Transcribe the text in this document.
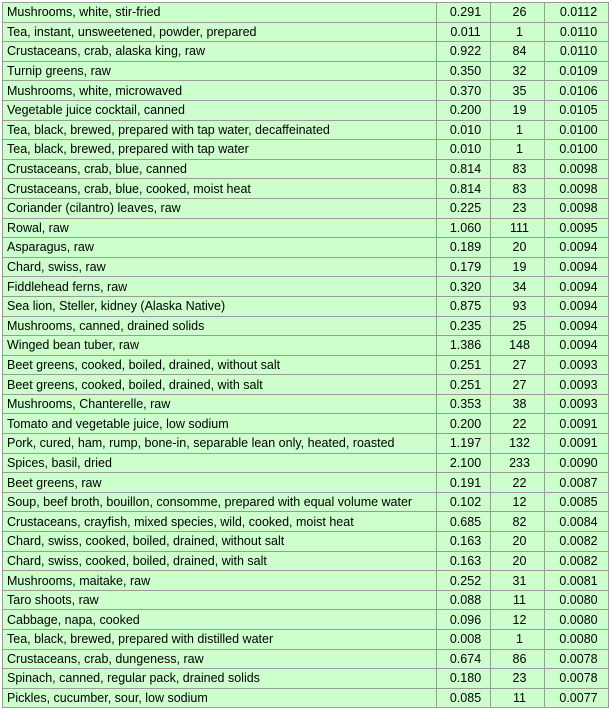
Mushrooms, white, stir-fried	0.291	26	0.0112
Tea, instant, unsweetened, powder, prepared	0.011	1	0.0110
Crustaceans, crab, alaska king, raw	0.922	84	0.0110
Turnip greens, raw	0.350	32	0.0109
Mushrooms, white, microwaved	0.370	35	0.0106
Vegetable juice cocktail, canned	0.200	19	0.0105
Tea, black, brewed, prepared with tap water, decaffeinated	0.010	1	0.0100
Tea, black, brewed, prepared with tap water	0.010	1	0.0100
Crustaceans, crab, blue, canned	0.814	83	0.0098
Crustaceans, crab, blue, cooked, moist heat	0.814	83	0.0098
Coriander (cilantro) leaves, raw	0.225	23	0.0098
Rowal, raw	1.060	111	0.0095
Asparagus, raw	0.189	20	0.0094
Chard, swiss, raw	0.179	19	0.0094
Fiddlehead ferns, raw	0.320	34	0.0094
Sea lion, Steller, kidney (Alaska Native)	0.875	93	0.0094
Mushrooms, canned, drained solids	0.235	25	0.0094
Winged bean tuber, raw	1.386	148	0.0094
Beet greens, cooked, boiled, drained, without salt	0.251	27	0.0093
Beet greens, cooked, boiled, drained, with salt	0.251	27	0.0093
Mushrooms, Chanterelle, raw	0.353	38	0.0093
Tomato and vegetable juice, low sodium	0.200	22	0.0091
Pork, cured, ham, rump, bone-in, separable lean only, heated, roasted	1.197	132	0.0091
Spices, basil, dried	2.100	233	0.0090
Beet greens, raw	0.191	22	0.0087
Soup, beef broth, bouillon, consomme, prepared with equal volume water	0.102	12	0.0085
Crustaceans, crayfish, mixed species, wild, cooked, moist heat	0.685	82	0.0084
Chard, swiss, cooked, boiled, drained, without salt	0.163	20	0.0082
Chard, swiss, cooked, boiled, drained, with salt	0.163	20	0.0082
Mushrooms, maitake, raw	0.252	31	0.0081
Taro shoots, raw	0.088	11	0.0080
Cabbage, napa, cooked	0.096	12	0.0080
Tea, black, brewed, prepared with distilled water	0.008	1	0.0080
Crustaceans, crab, dungeness, raw	0.674	86	0.0078
Spinach, canned, regular pack, drained solids	0.180	23	0.0078
Pickles, cucumber, sour, low sodium	0.085	11	0.0077
